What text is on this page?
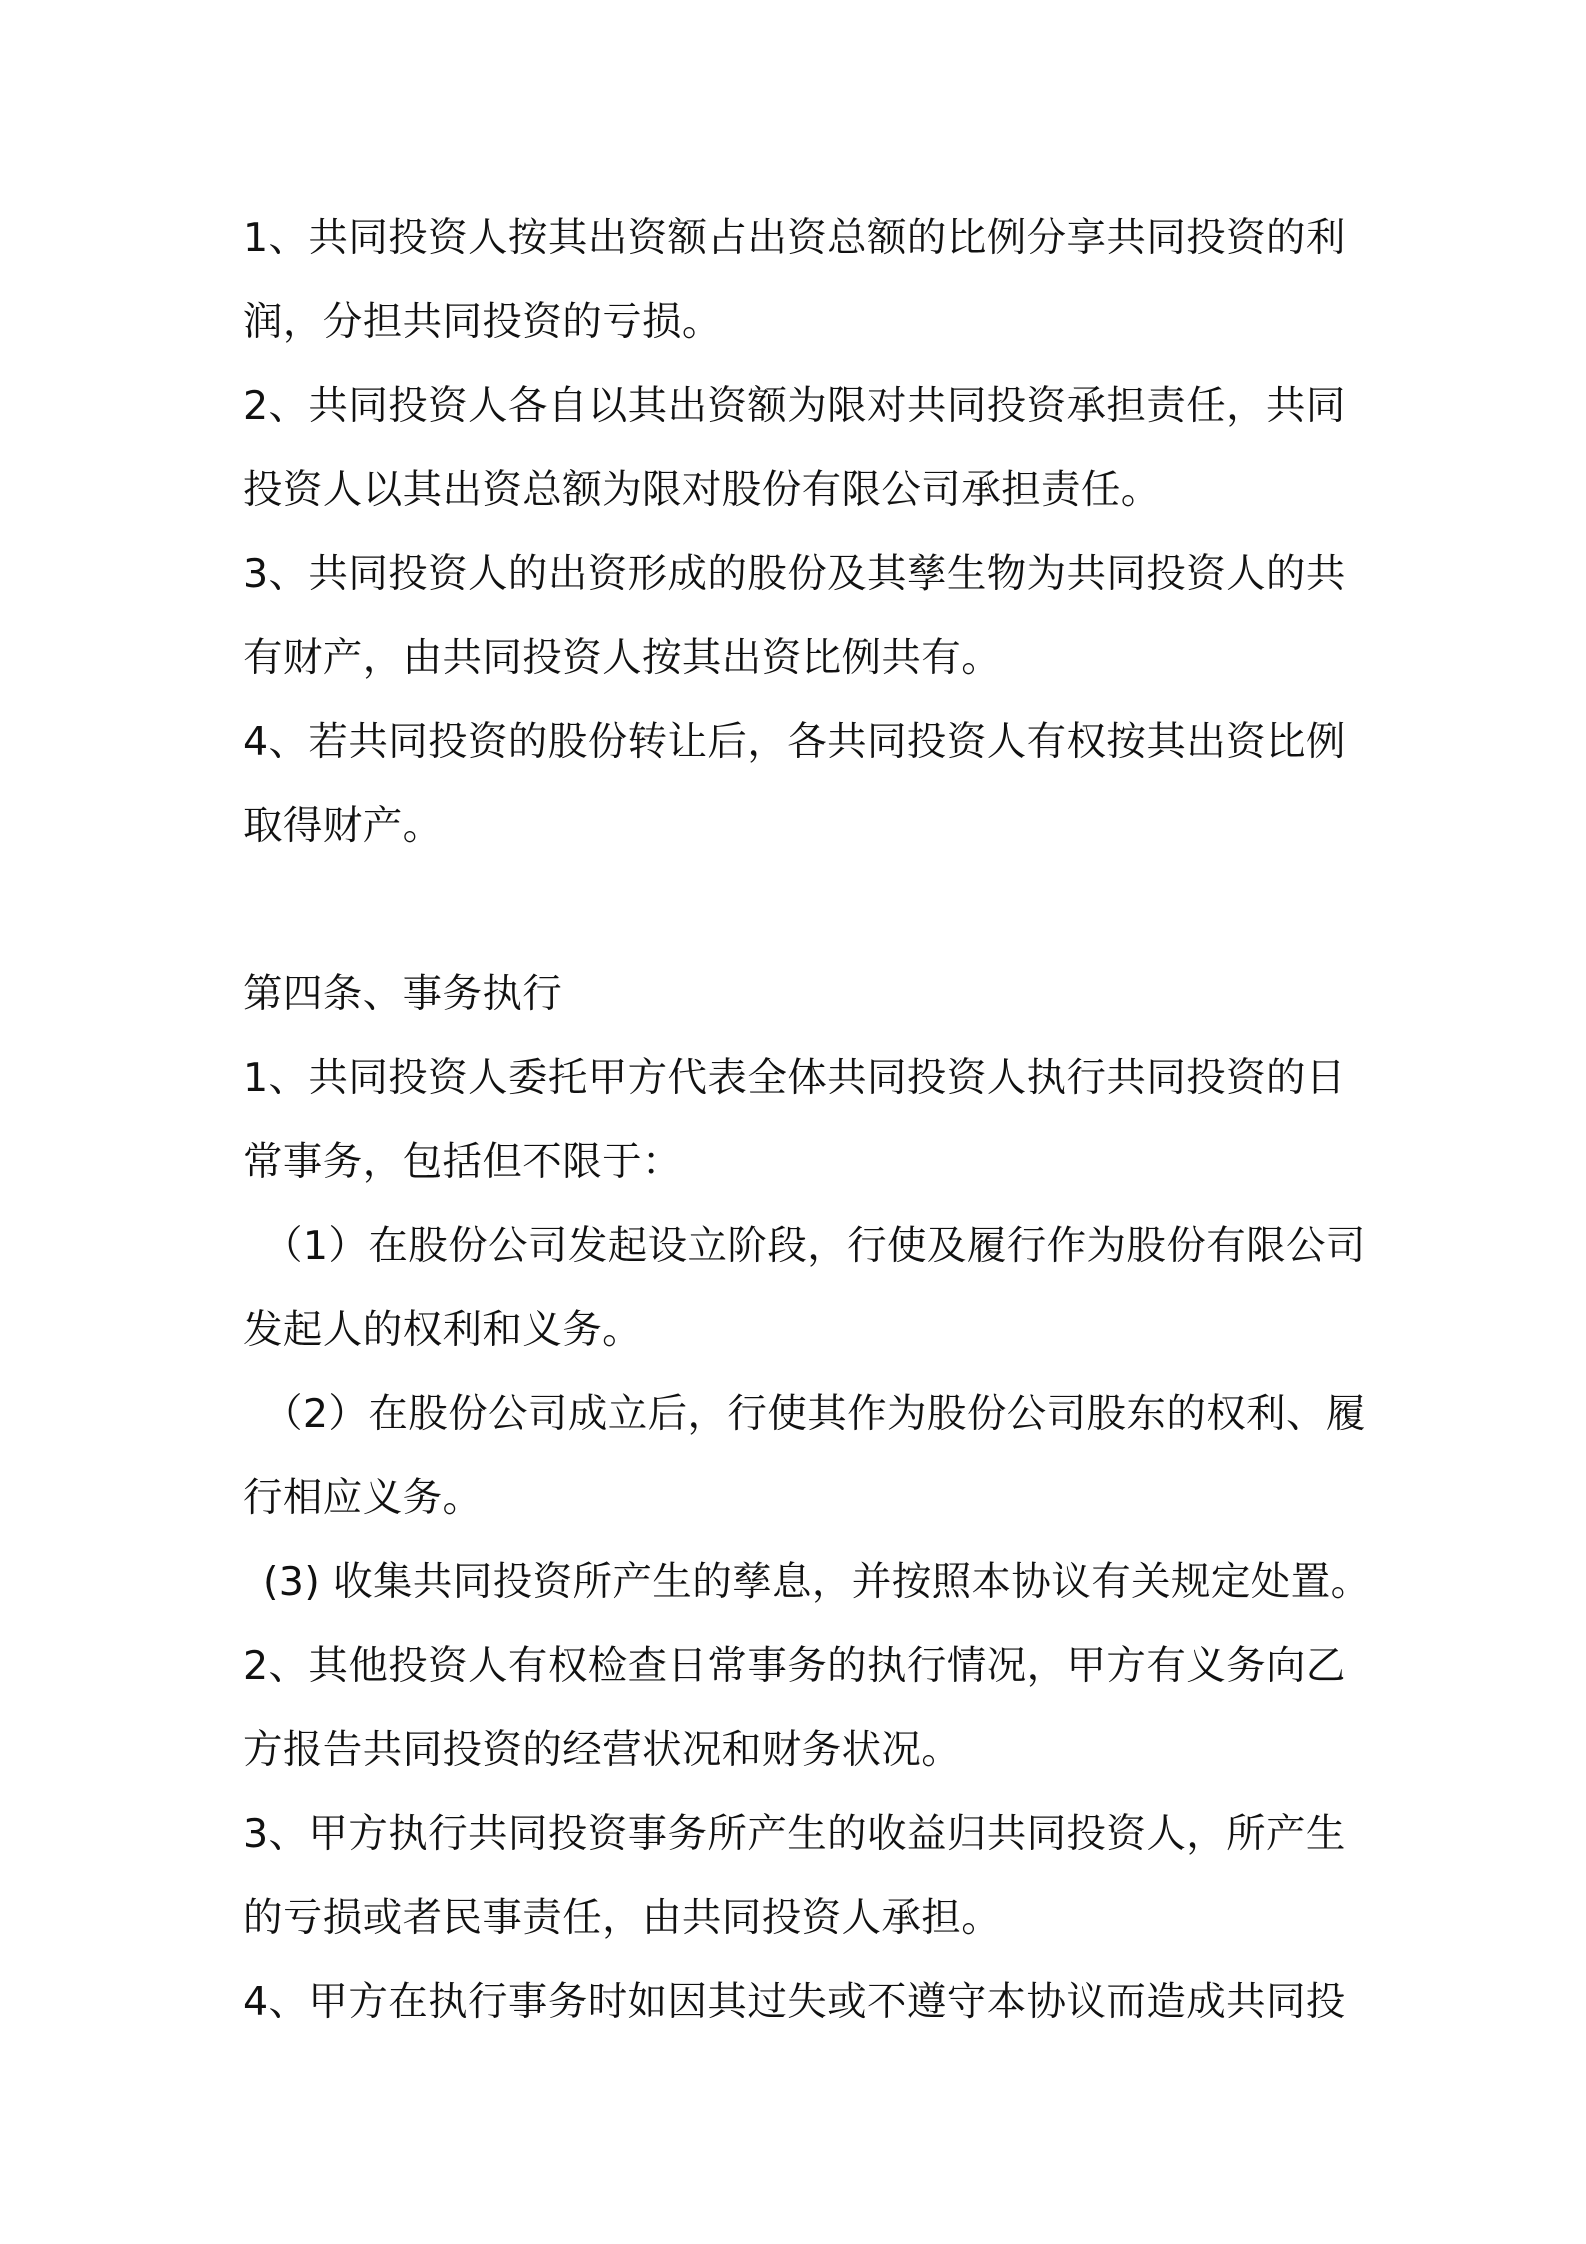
1、共同投资人按其出资额占出资总额的比例分享共同投资的利
润，分担共同投资的亏损。
2、共同投资人各自以其出资额为限对共同投资承担责任，共同
投资人以其出资总额为限对股份有限公司承担责任。
3、共同投资人的出资形成的股份及其孳生物为共同投资人的共
有财产，由共同投资人按其出资比例共有。
4、若共同投资的股份转让后，各共同投资人有权按其出资比例
取得财产。
第四条、事务执行
1、共同投资人委托甲方代表全体共同投资人执行共同投资的日
常事务，包括但不限于：
（1）在股份公司发起设立阶段，行使及履行作为股份有限公司
发起人的权利和义务。
（2）在股份公司成立后，行使其作为股份公司股东的权利、履
行相应义务。
(3) 收集共同投资所产生的孳息，并按照本协议有关规定处置。
2、其他投资人有权检查日常事务的执行情况，甲方有义务向乙
方报告共同投资的经营状况和财务状况。
3、甲方执行共同投资事务所产生的收益归共同投资人，所产生
的亏损或者民事责任，由共同投资人承担。
4、甲方在执行事务时如因其过失或不遵守本协议而造成共同投
